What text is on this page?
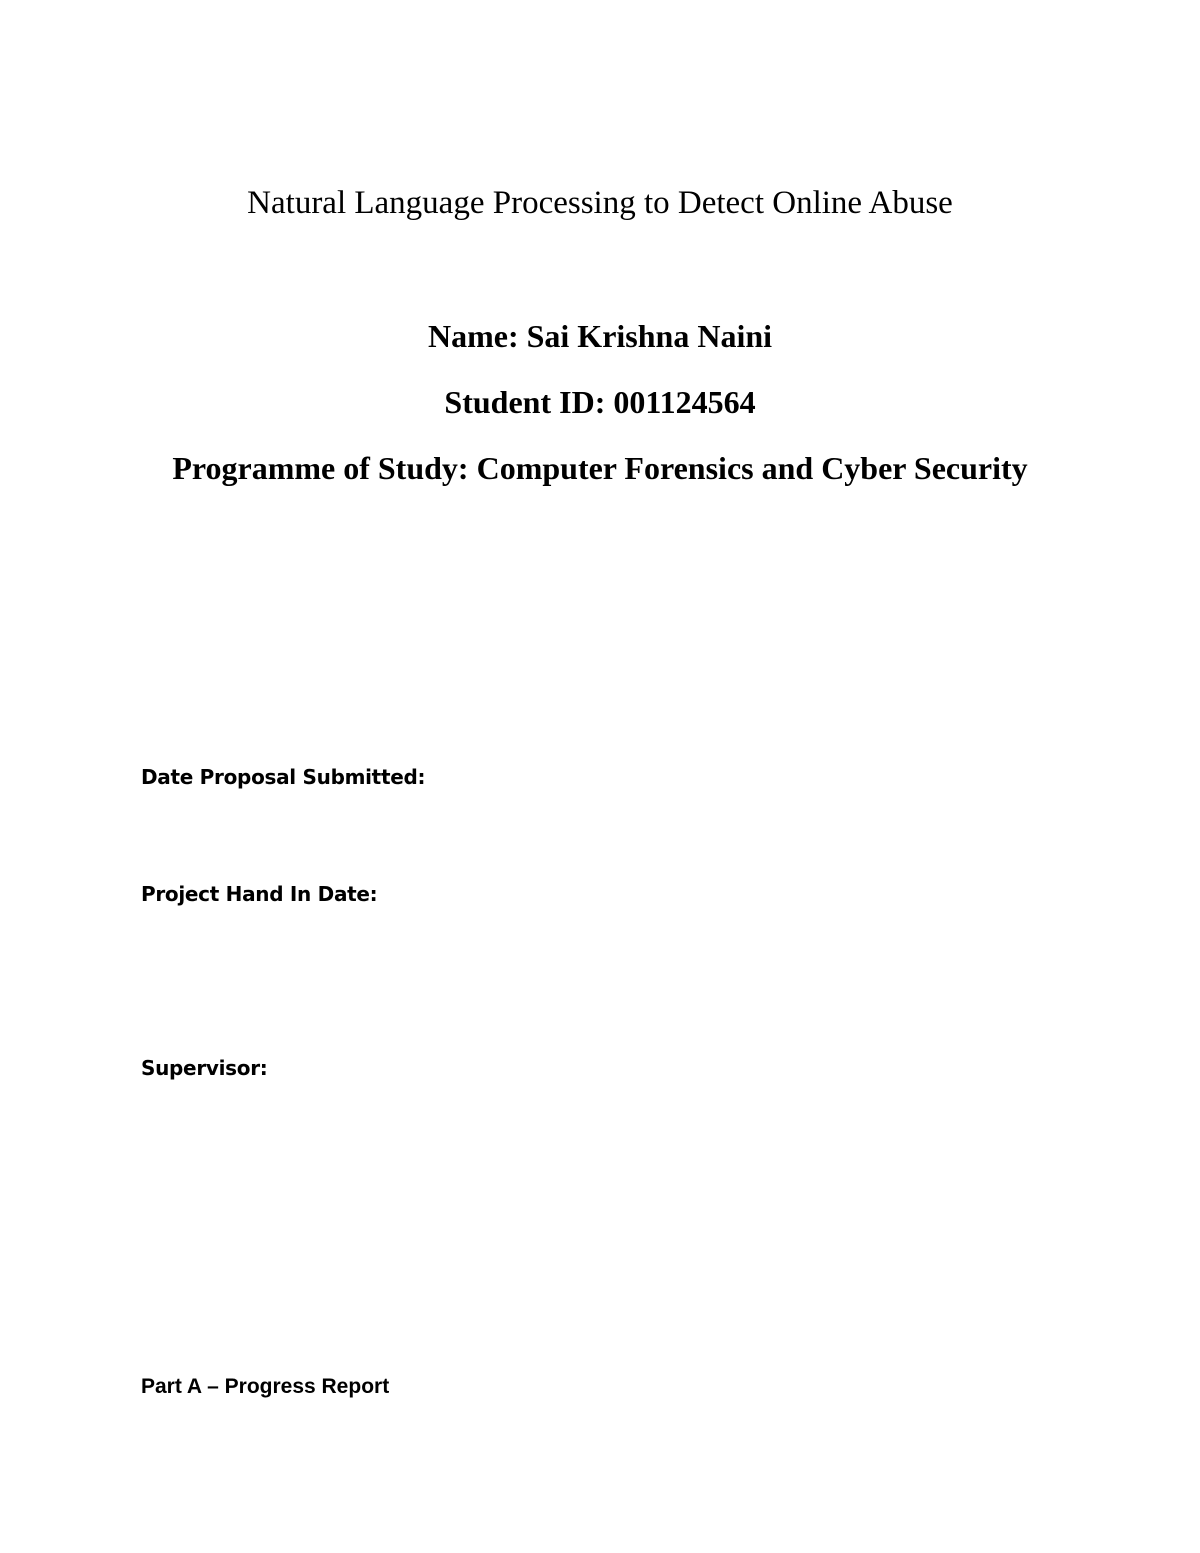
Natural Language Processing to Detect Online Abuse

Name: Sai Krishna Naini

Student ID: 001124564

Programme of Study: Computer Forensics and Cyber Security

Date Proposal Submitted:

Project Hand In Date:

Supervisor:

Part A – Progress Report
